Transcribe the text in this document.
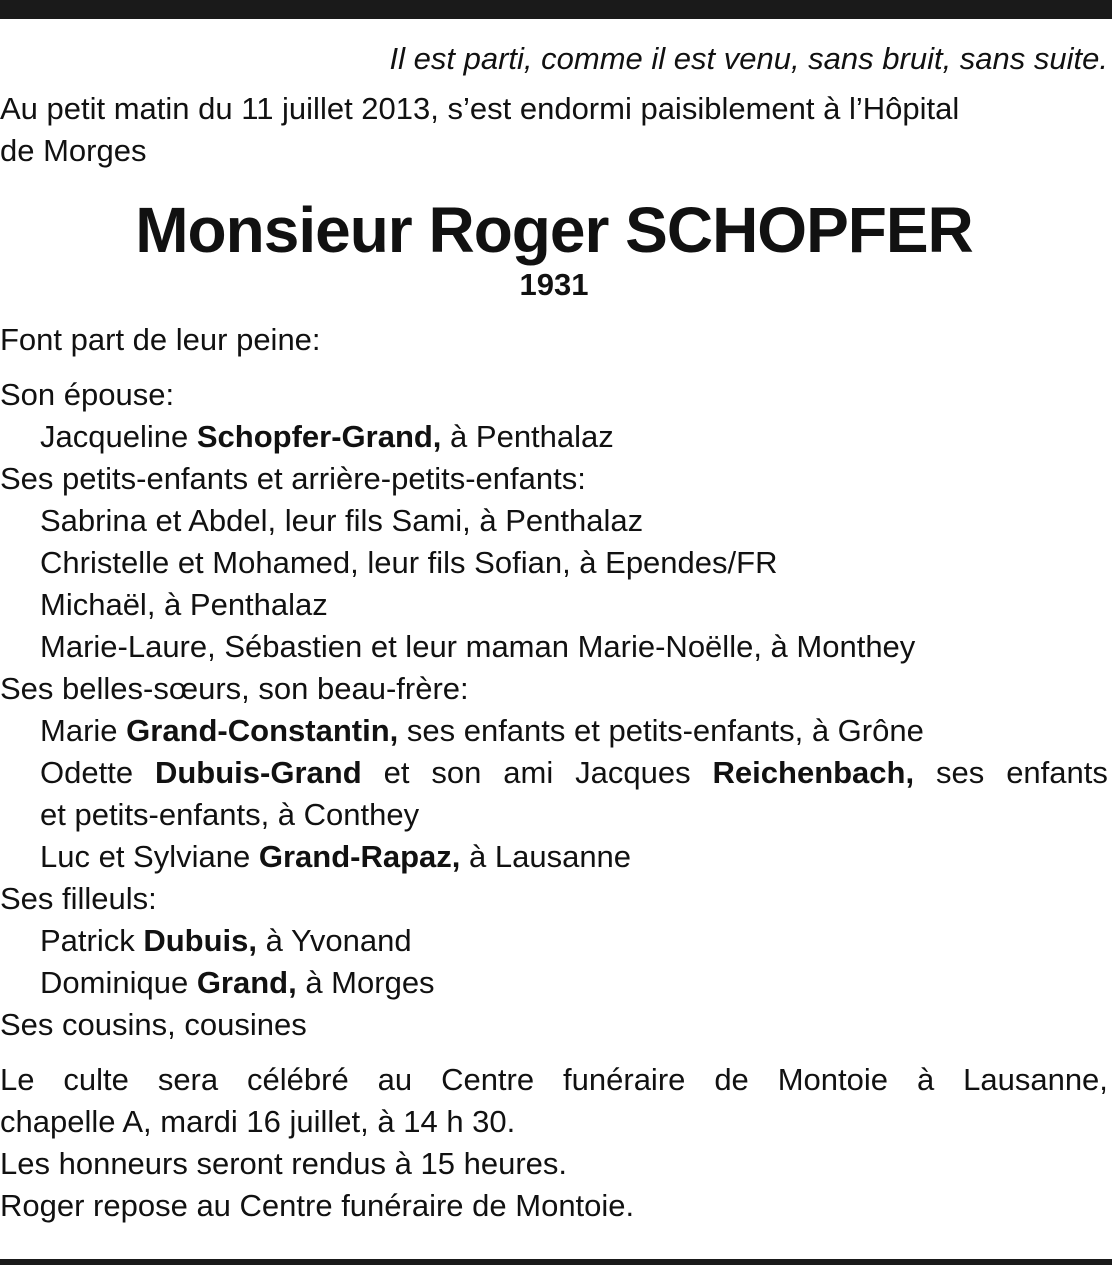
Il est parti, comme il est venu, sans bruit, sans suite.
Au petit matin du 11 juillet 2013, s’est endormi paisiblement à l’Hôpital
de Morges
Monsieur Roger SCHOPFER
1931
Font part de leur peine:
Son épouse:
Jacqueline Schopfer-Grand, à Penthalaz
Ses petits-enfants et arrière-petits-enfants:
Sabrina et Abdel, leur fils Sami, à Penthalaz
Christelle et Mohamed, leur fils Sofian, à Ependes/FR
Michaël, à Penthalaz
Marie-Laure, Sébastien et leur maman Marie-Noëlle, à Monthey
Ses belles-sœurs, son beau-frère:
Marie Grand-Constantin, ses enfants et petits-enfants, à Grône
Odette Dubuis-Grand et son ami Jacques Reichenbach, ses enfants
et petits-enfants, à Conthey
Luc et Sylviane Grand-Rapaz, à Lausanne
Ses filleuls:
Patrick Dubuis, à Yvonand
Dominique Grand, à Morges
Ses cousins, cousines
Le culte sera célébré au Centre funéraire de Montoie à Lausanne,
chapelle A, mardi 16 juillet, à 14 h 30.
Les honneurs seront rendus à 15 heures.
Roger repose au Centre funéraire de Montoie.
